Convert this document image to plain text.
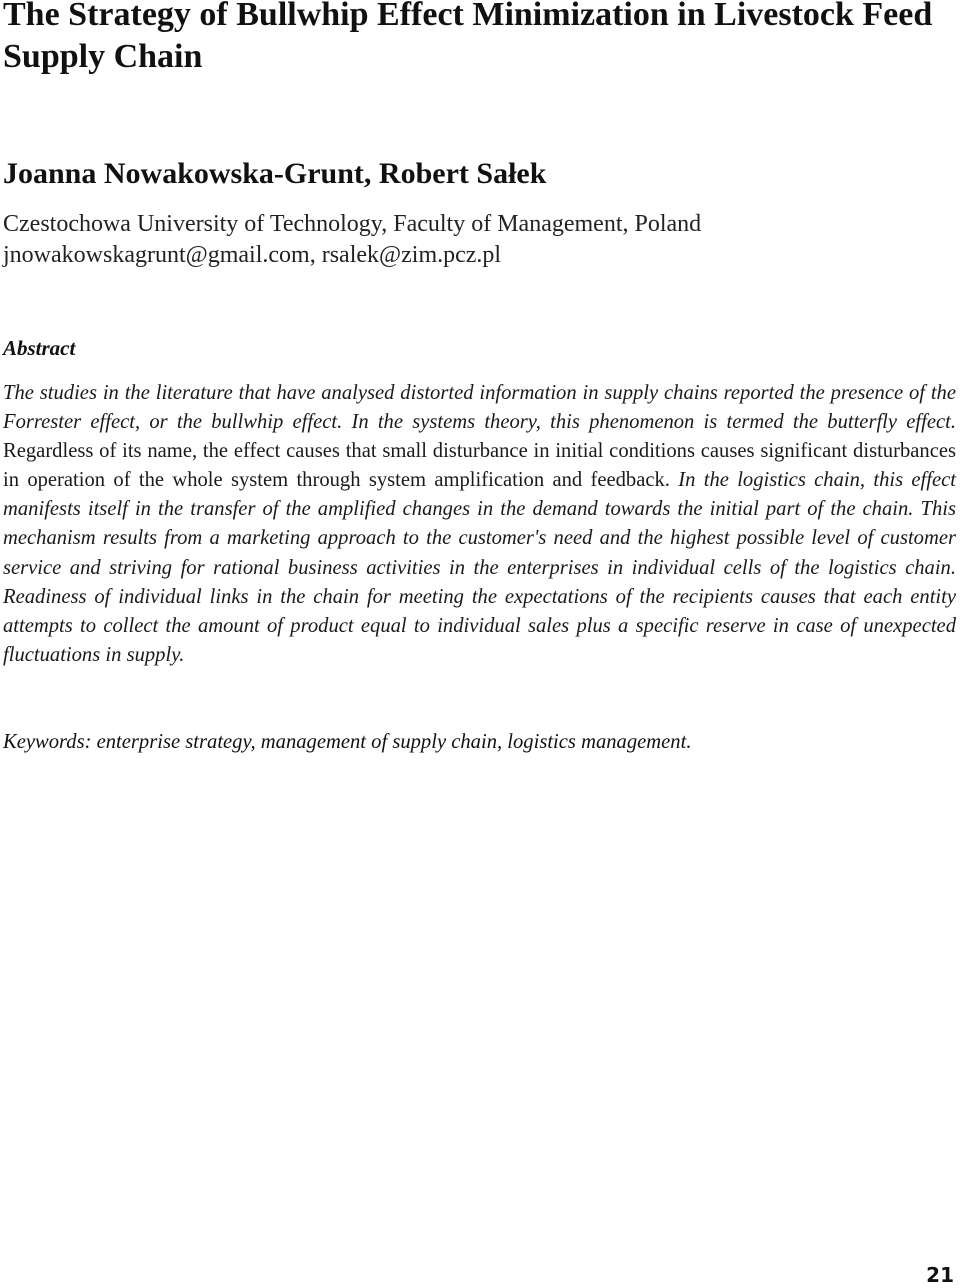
The Strategy of Bullwhip Effect Minimization in Livestock Feed Supply Chain
Joanna Nowakowska-Grunt, Robert Sałek

Czestochowa University of Technology, Faculty of Management, Poland

jnowakowskagrunt@gmail.com, rsalek@zim.pcz.pl

Abstract

The studies in the literature that have analysed distorted information in supply chains reported the presence of the Forrester effect, or the bullwhip effect. In the systems theory, this phenomenon is termed the butterfly effect. Regardless of its name, the effect causes that small disturbance in initial conditions causes significant disturbances in operation of the whole system through system amplification and feedback. In the logistics chain, this effect manifests itself in the transfer of the amplified changes in the demand towards the initial part of the chain. This mechanism results from a marketing approach to the customer's need and the highest possible level of customer service and striving for rational business activities in the enterprises in individual cells of the logistics chain. Readiness of individual links in the chain for meeting the expectations of the recipients causes that each entity attempts to collect the amount of product equal to individual sales plus a specific reserve in case of unexpected fluctuations in supply.

Keywords: enterprise strategy, management of supply chain, logistics management.

21
